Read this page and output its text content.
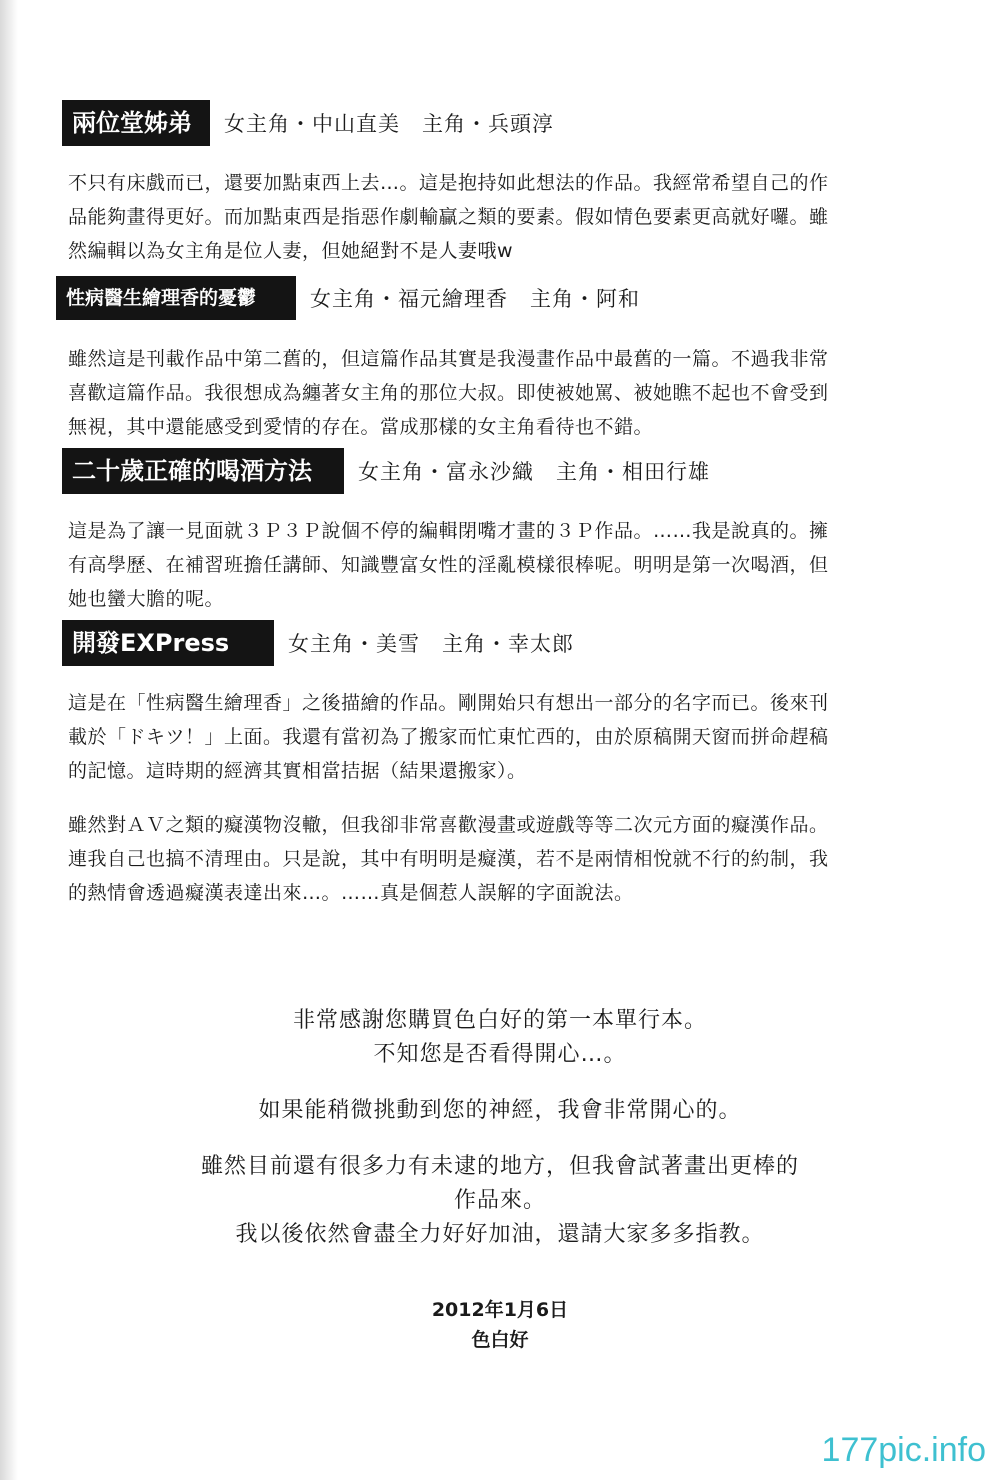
兩位堂姊弟	女主角・中山直美　主角・兵頭淳
不只有床戲而已，還要加點東西上去…。這是抱持如此想法的作品。我經常希望自己的作
品能夠畫得更好。而加點東西是指惡作劇輸贏之類的要素。假如情色要素更高就好囉。雖
然編輯以為女主角是位人妻，但她絕對不是人妻哦w
性病醫生繪理香的憂鬱	女主角・福元繪理香　主角・阿和
雖然這是刊載作品中第二舊的，但這篇作品其實是我漫畫作品中最舊的一篇。不過我非常
喜歡這篇作品。我很想成為纏著女主角的那位大叔。即使被她罵、被她瞧不起也不會受到
無視，其中還能感受到愛情的存在。當成那樣的女主角看待也不錯。
二十歲正確的喝酒方法	女主角・富永沙織　主角・相田行雄
這是為了讓一見面就３Ｐ３Ｐ說個不停的編輯閉嘴才畫的３Ｐ作品。……我是說真的。擁
有高學歷、在補習班擔任講師、知識豐富女性的淫亂模樣很棒呢。明明是第一次喝酒，但
她也蠻大膽的呢。
開發EXPress	女主角・美雪　主角・幸太郎
這是在「性病醫生繪理香」之後描繪的作品。剛開始只有想出一部分的名字而已。後來刊
載於「ドキツ！」上面。我還有當初為了搬家而忙東忙西的，由於原稿開天窗而拼命趕稿
的記憶。這時期的經濟其實相當拮据（結果還搬家）。
雖然對ＡＶ之類的癡漢物沒轍，但我卻非常喜歡漫畫或遊戲等等二次元方面的癡漢作品。
連我自己也搞不清理由。只是說，其中有明明是癡漢，若不是兩情相悅就不行的約制，我
的熱情會透過癡漢表達出來…。……真是個惹人誤解的字面說法。
非常感謝您購買色白好的第一本單行本。
不知您是否看得開心…。
如果能稍微挑動到您的神經，我會非常開心的。
雖然目前還有很多力有未逮的地方，但我會試著畫出更棒的
作品來。
我以後依然會盡全力好好加油，還請大家多多指教。
2012年1月6日
色白好
177pic.info
